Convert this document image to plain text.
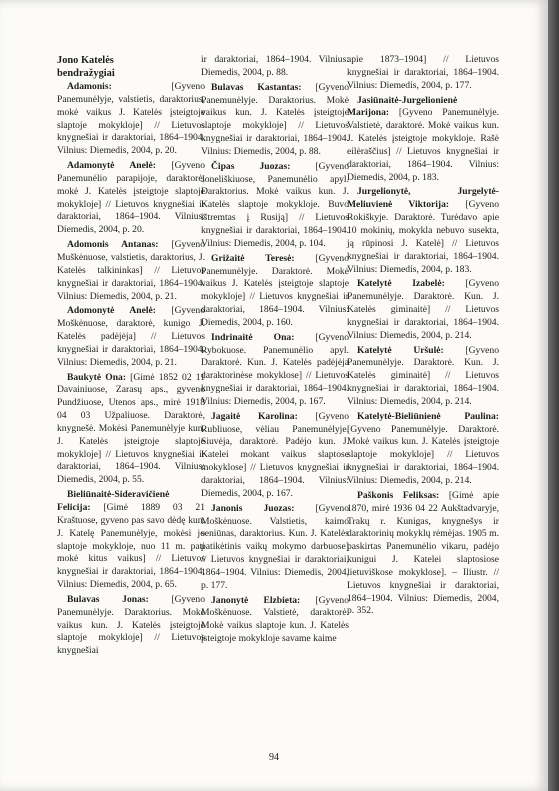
Jono Katelės
bendražygiai
Adamonis: [Gyveno Panemunėlyje, valstietis, daraktorius, mokė vaikus J. Katelės įsteigtoje slaptoje mokykloje] // Lietuvos knygnešiai ir daraktoriai, 1864–1904. Vilnius: Diemedis, 2004, p. 20.
Adamonytė Anelė: [Gyveno Panemunėlio parapijoje, daraktorė, mokė J. Katelės įsteigtoje slaptoje mokykloje] // Lietuvos knygnešiai ir daraktoriai, 1864–1904. Vilnius: Diemedis, 2004, p. 20.
Adomonis Antanas: [Gyveno Muškėnuose, valstietis, daraktorius, J. Katelės talkininkas] // Lietuvos knygnešiai ir daraktoriai, 1864–1904. Vilnius: Diemedis, 2004, p. 21.
Adomonytė Anelė: [Gyveno Moškėnuose, daraktorė, kunigo J. Katelės padėjėja] // Lietuvos knygnešiai ir daraktoriai, 1864–1904. Vilnius: Diemedis, 2004, p. 21.
Baukytė Ona: [Gimė 1852 02 11 Davainiuose, Zarasų aps., gyveno Pundžiuose, Utenos aps., mirė 1918 04 03 Užpaliuose. Daraktorė, knygnešė. Mokėsi Panemunėlyje kun. J. Katelės įsteigtoje slaptoje mokykloje] // Lietuvos knygnešiai ir daraktoriai, 1864–1904. Vilnius: Diemedis, 2004, p. 55.
Bieliūnaitė-Sideravičienė Felicija: [Gimė 1889 03 21 Kraštuose, gyveno pas savo dėdę kun. J. Katelę Panemunėlyje, mokėsi jo slaptoje mokykloje, nuo 11 m. pati mokė kitus vaikus] // Lietuvos knygnešiai ir daraktoriai, 1864–1904. Vilnius: Diemedis, 2004, p. 65.
Bulavas Jonas: [Gyveno Panemunėlyje. Daraktorius. Mokė vaikus kun. J. Katelės įsteigtoje slaptoje mokykloje] // Lietuvos knygnešiai
ir daraktoriai, 1864–1904. Vilnius: Diemedis, 2004, p. 88.
Bulavas Kastantas: [Gyveno Panemunėlyje. Daraktorius. Mokė vaikus kun. J. Katelės įsteigtoje slaptoje mokykloje] // Lietuvos knygnešiai ir daraktoriai, 1864–1904. Vilnius: Diemedis, 2004, p. 88.
Čipas Juozas: [Gyveno Joneliškiuose, Panemunėlio apyl. Daraktorius. Mokė vaikus kun. J. Katelės slaptoje mokykloje. Buvo ištremtas į Rusiją] // Lietuvos knygnešiai ir daraktoriai, 1864–1904. Vilnius: Diemedis, 2004, p. 104.
Grižaitė Teresė: [Gyveno Panemunėlyje. Daraktorė. Mokė vaikus J. Katelės įsteigtoje slaptoje mokykloje] // Lietuvos knygnešiai ir daraktoriai, 1864–1904. Vilnius: Diemedis, 2004, p. 160.
Indrinaitė Ona: [Gyveno Rybokuose. Panemunėlio apyl. Daraktorė. Kun. J. Katelės padėjėja daraktorinėse mokyklose] // Lietuvos knygnešiai ir daraktoriai, 1864–1904. Vilnius: Diemedis, 2004, p. 167.
Jagaitė Karolina: [Gyveno Rubliuose, vėliau Panemunėlyje. Siuvėja, daraktorė. Padėjo kun. J. Katelei mokant vaikus slaptose mokyklose] // Lietuvos knygnešiai ir daraktoriai, 1864–1904. Vilnius: Diemedis, 2004, p. 167.
Janonis Juozas: [Gyveno Moškėnuose. Valstietis, kaimo seniūnas, daraktorius. Kun. J. Katelės patikėtinis vaikų mokymo darbuose] // Lietuvos knygnešiai ir daraktoriai, 1864–1904. Vilnius: Diemedis, 2004, p. 177.
Janonytė Elzbieta: [Gyveno Moškėnuose. Valstietė, daraktorė. Mokė vaikus slaptoje kun. J. Katelės įsteigtoje mokykloje savame kaime
apie 1873–1904] // Lietuvos knygnešiai ir daraktoriai, 1864–1904. Vilnius: Diemedis, 2004, p. 177.
Jasiūnaitė-Jurgelionienė Marijona: [Gyveno Panemunėlyje. Valstietė, daraktorė. Mokė vaikus kun. J. Katelės įsteigtoje mokykloje. Rašė eilėraščius] // Lietuvos knygnešiai ir daraktoriai, 1864–1904. Vilnius: Diemedis, 2004, p. 183.
Jurgelionytė, Jurgelytė-Meliuvienė Viktorija: [Gyveno Rokiškyje. Daraktorė. Turėdavo apie 10 mokinių, mokykla nebuvo susekta, ją rūpinosi J. Katelė] // Lietuvos knygnešiai ir daraktoriai, 1864–1904. Vilnius: Diemedis, 2004, p. 183.
Katelytė Izabelė: [Gyveno Panemunėlyje. Daraktorė. Kun. J. Katelės giminaitė] // Lietuvos knygnešiai ir daraktoriai, 1864–1904. Vilnius: Diemedis, 2004, p. 214.
Katelytė Uršulė: [Gyveno Panemunėlyje. Daraktorė. Kun. J. Katelės giminaitė] // Lietuvos knygnešiai ir daraktoriai, 1864–1904. Vilnius: Diemedis, 2004, p. 214.
Katelytė-Bieliūnienė Paulina: [Gyveno Panemunėlyje. Daraktorė. Mokė vaikus kun. J. Katelės įsteigtoje slaptoje mokykloje] // Lietuvos knygnešiai ir daraktoriai, 1864–1904. Vilnius: Diemedis, 2004, p. 214.
Paškonis Feliksas: [Gimė apie 1870, mirė 1936 04 22 Aukštadvaryje, Trakų r. Kunigas, knygnešys ir daraktorinių mokyklų rėmėjas. 1905 m. paskirtas Panemunėlio vikaru, padėjo kunigui J. Katelei slaptosiose lietuviškose mokyklose]. – Iliustr. // Lietuvos knygnešiai ir daraktoriai, 1864–1904. Vilnius: Diemedis, 2004, p. 352.
94
